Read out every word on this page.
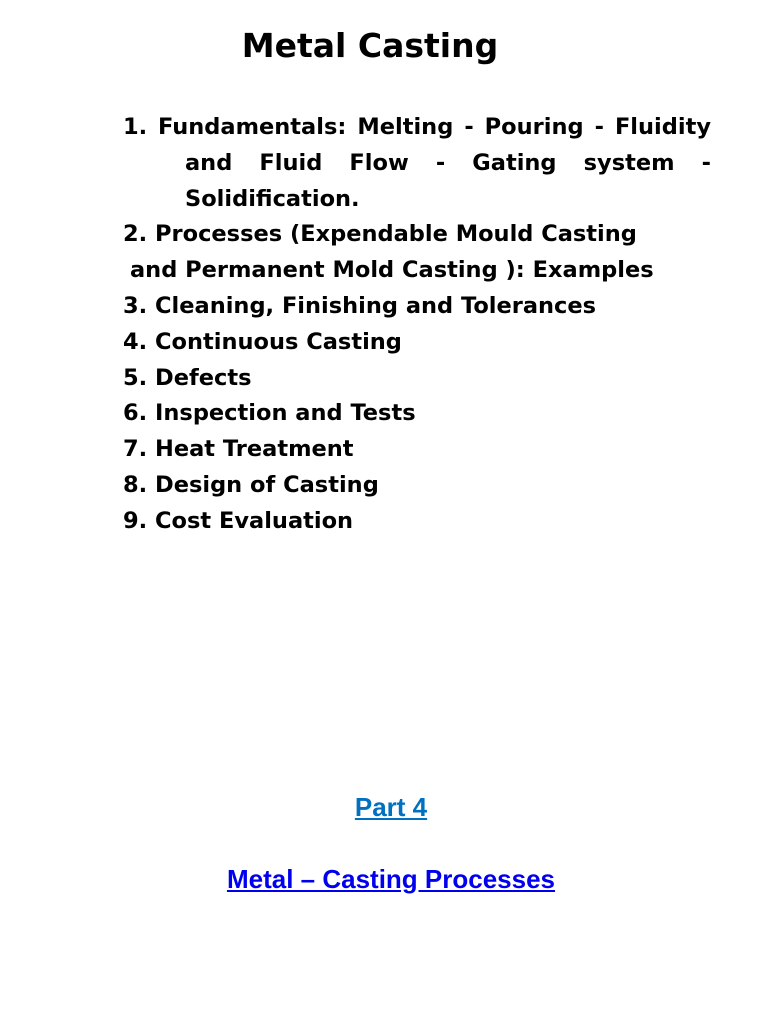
Metal Casting
1. Fundamentals: Melting - Pouring - Fluidity
and Fluid Flow - Gating system -
Solidification.
2. Processes (Expendable Mould Casting
and Permanent Mold Casting ): Examples
3. Cleaning, Finishing and Tolerances
4. Continuous Casting
5. Defects
6. Inspection and Tests
7. Heat Treatment
8. Design of Casting
9. Cost Evaluation
Part 4
Metal – Casting Processes
